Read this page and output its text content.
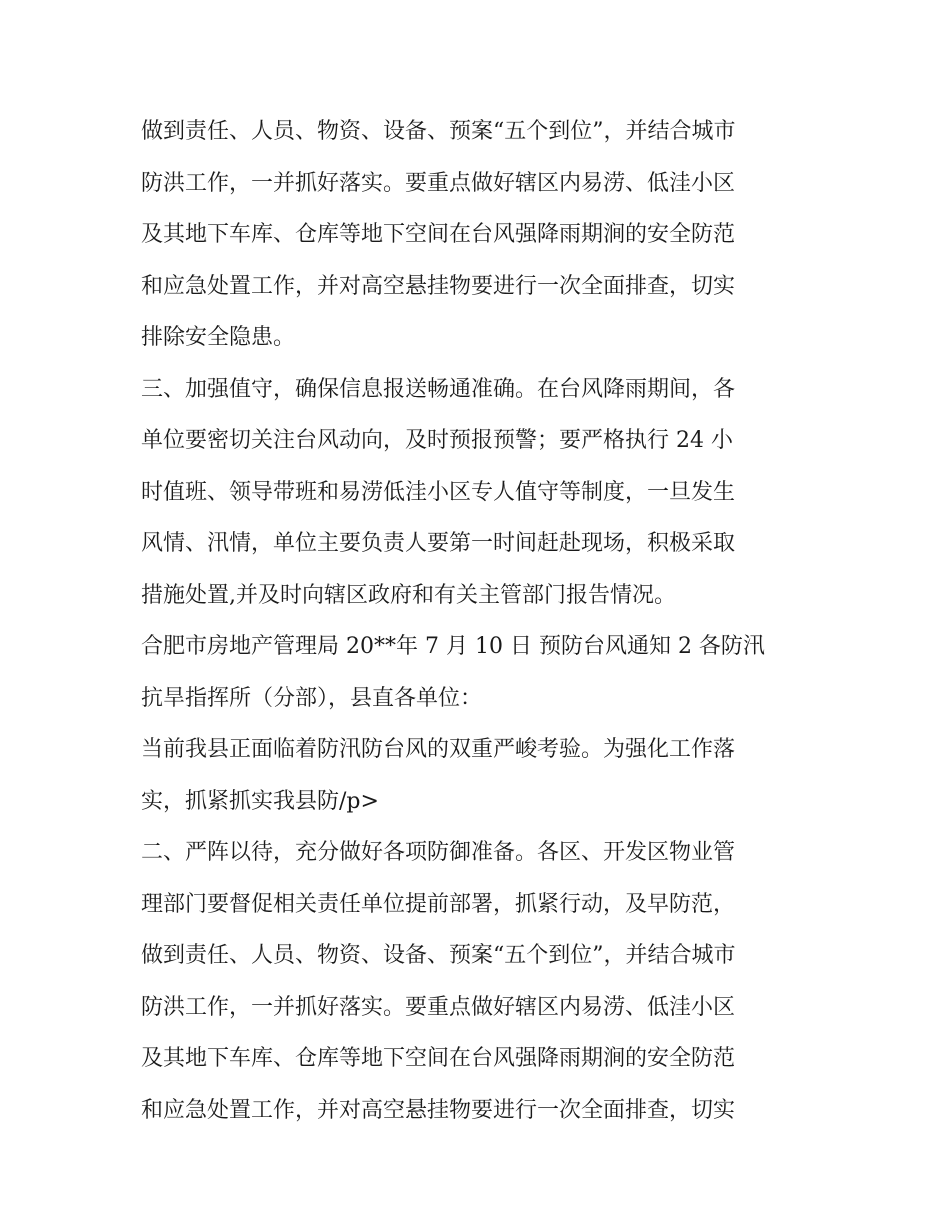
做到责任、人员、物资、设备、预案“五个到位”，并结合城市
防洪工作，一并抓好落实。要重点做好辖区内易涝、低洼小区
及其地下车库、仓库等地下空间在台风强降雨期涧的安全防范
和应急处置工作，并对高空悬挂物要进行一次全面排查，切实
排除安全隐患。
三、加强值守，确保信息报送畅通准确。在台风降雨期间，各
单位要密切关注台风动向，及时预报预警；要严格执行 24 小
时值班、领导带班和易涝低洼小区专人值守等制度，一旦发生
风情、汛情，单位主要负责人要第一时间赶赴现场，积极采取
措施处置,并及时向辖区政府和有关主管部门报告情况。
合肥市房地产管理局 20**年 7 月 10 日 预防台风通知 2 各防汛
抗旱指挥所（分部），县直各单位：
当前我县正面临着防汛防台风的双重严峻考验。为强化工作落
实，抓紧抓实我县防/p>
二、严阵以待，充分做好各项防御准备。各区、开发区物业管
理部门要督促相关责任单位提前部署，抓紧行动，及早防范，
做到责任、人员、物资、设备、预案“五个到位”，并结合城市
防洪工作，一并抓好落实。要重点做好辖区内易涝、低洼小区
及其地下车库、仓库等地下空间在台风强降雨期涧的安全防范
和应急处置工作，并对高空悬挂物要进行一次全面排查，切实
